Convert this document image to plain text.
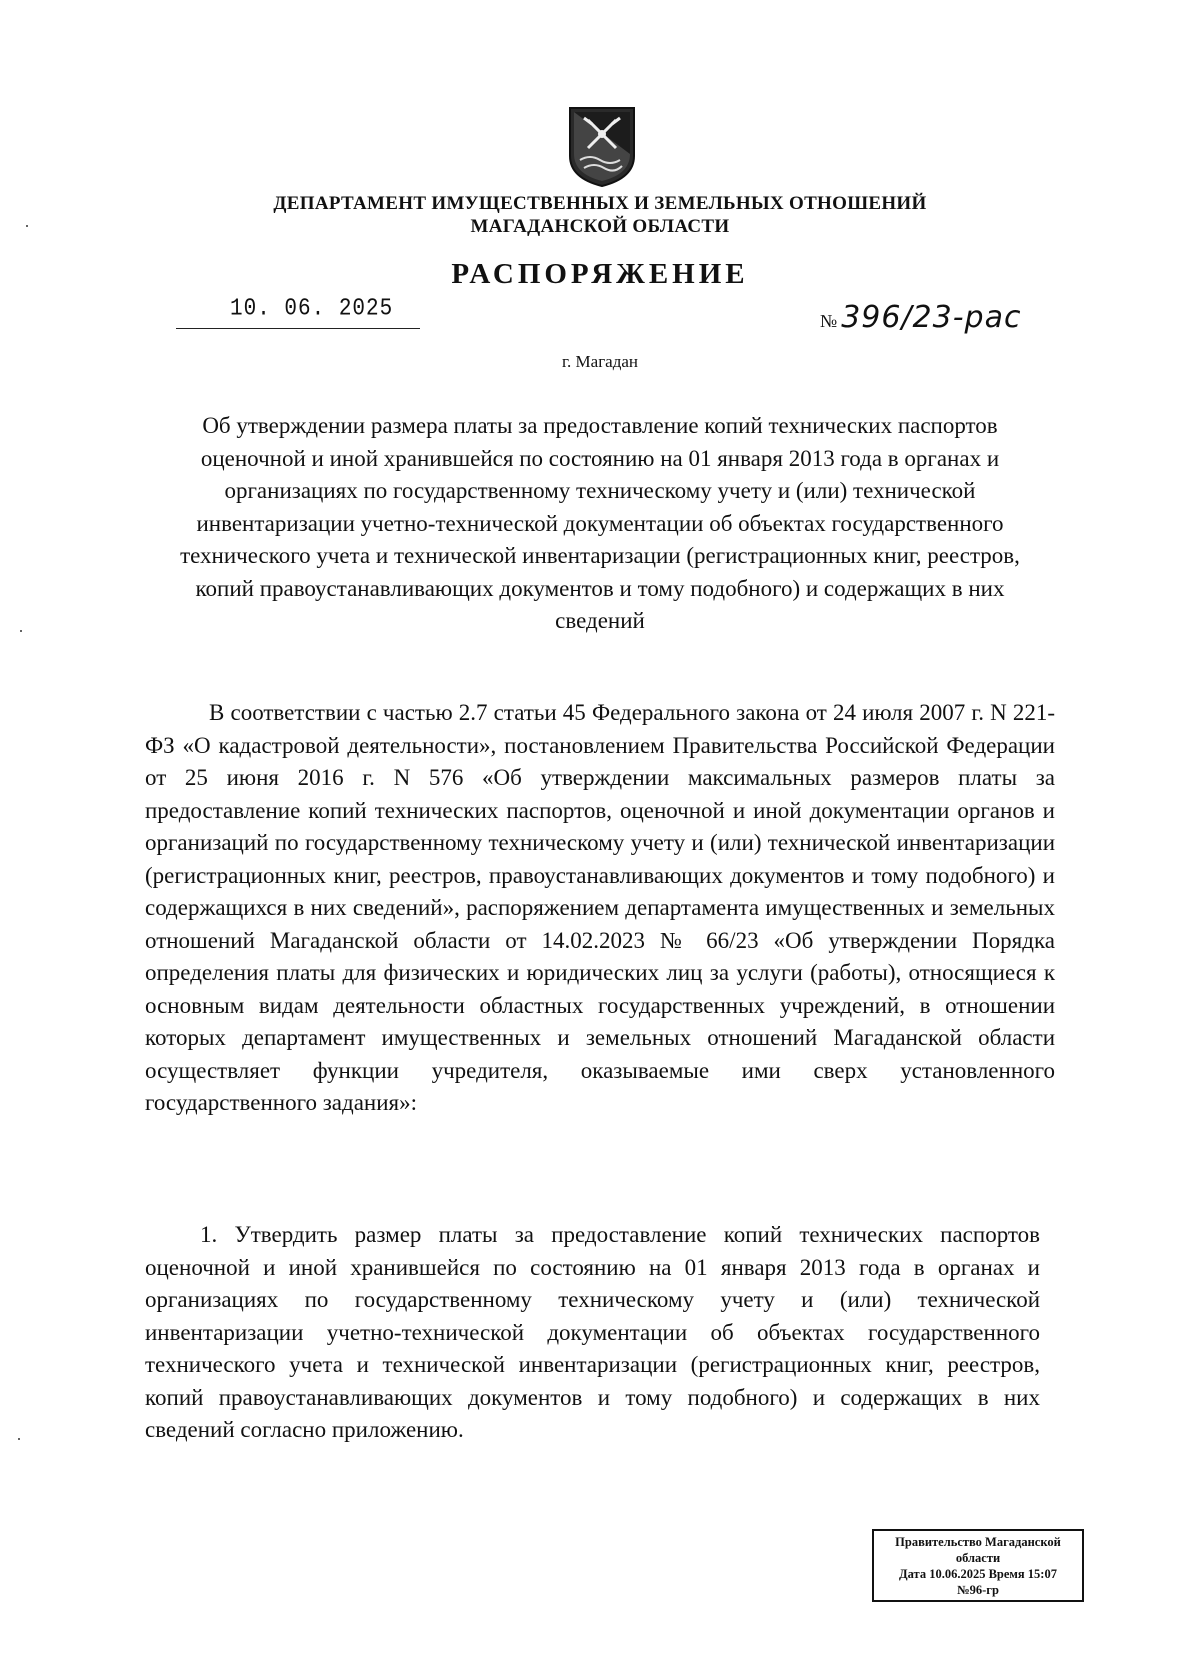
ДЕПАРТАМЕНТ ИМУЩЕСТВЕННЫХ И ЗЕМЕЛЬНЫХ ОТНОШЕНИЙ
МАГАДАНСКОЙ ОБЛАСТИ
РАСПОРЯЖЕНИЕ
10. 06. 2025	№ 396/23-рас
г. Магадан
Об утверждении размера платы за предоставление копий технических паспортов оценочной и иной хранившейся по состоянию на 01 января 2013 года в органах и организациях по государственному техническому учету и (или) технической инвентаризации учетно-технической документации об объектах государственного технического учета и технической инвентаризации (регистрационных книг, реестров, копий правоустанавливающих документов и тому подобного) и содержащих в них сведений
В соответствии с частью 2.7 статьи 45 Федерального закона от 24 июля 2007 г. N 221-ФЗ «О кадастровой деятельности», постановлением Правительства Российской Федерации от 25 июня 2016 г. N 576 «Об утверждении максимальных размеров платы за предоставление копий технических паспортов, оценочной и иной документации органов и организаций по государственному техническому учету и (или) технической инвентаризации (регистрационных книг, реестров, правоустанавливающих документов и тому подобного) и содержащихся в них сведений», распоряжением департамента имущественных и земельных отношений Магаданской области от 14.02.2023 № 66/23 «Об утверждении Порядка определения платы для физических и юридических лиц за услуги (работы), относящиеся к основным видам деятельности областных государственных учреждений, в отношении которых департамент имущественных и земельных отношений Магаданской области осуществляет функции учредителя, оказываемые ими сверх установленного государственного задания»:
1. Утвердить размер платы за предоставление копий технических паспортов оценочной и иной хранившейся по состоянию на 01 января 2013 года в органах и организациях по государственному техническому учету и (или) технической инвентаризации учетно-технической документации об объектах государственного технического учета и технической инвентаризации (регистрационных книг, реестров, копий правоустанавливающих документов и тому подобного) и содержащих в них сведений согласно приложению.
Правительство Магаданской
области
Дата 10.06.2025 Время 15:07
№96-гр
